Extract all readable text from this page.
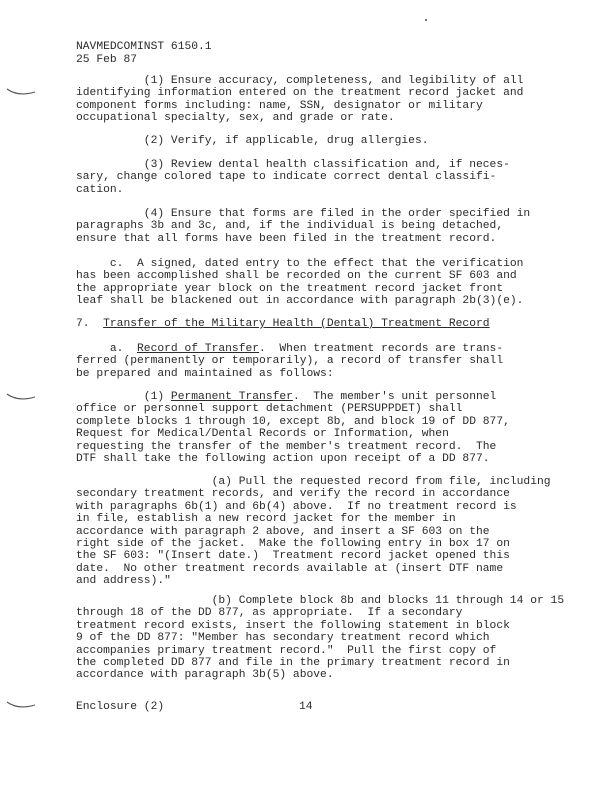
NAVMEDCOMINST 6150.1
25 Feb 87
(1) Ensure accuracy, completeness, and legibility of all
identifying information entered on the treatment record jacket and
component forms including: name, SSN, designator or military
occupational specialty, sex, and grade or rate.
(2) Verify, if applicable, drug allergies.
(3) Review dental health classification and, if neces-
sary, change colored tape to indicate correct dental classifi-
cation.
(4) Ensure that forms are filed in the order specified in
paragraphs 3b and 3c, and, if the individual is being detached,
ensure that all forms have been filed in the treatment record.
c.  A signed, dated entry to the effect that the verification
has been accomplished shall be recorded on the current SF 603 and
the appropriate year block on the treatment record jacket front
leaf shall be blackened out in accordance with paragraph 2b(3)(e).
7. Transfer of the Military Health (Dental) Treatment Record
a.  Record of Transfer.  When treatment records are trans-
ferred (permanently or temporarily), a record of transfer shall
be prepared and maintained as follows:
(1) Permanent Transfer.  The member's unit personnel
office or personnel support detachment (PERSUPPDET) shall
complete blocks 1 through 10, except 8b, and block 19 of DD 877,
Request for Medical/Dental Records or Information, when
requesting the transfer of the member's treatment record.  The
DTF shall take the following action upon receipt of a DD 877.
(a) Pull the requested record from file, including
secondary treatment records, and verify the record in accordance
with paragraphs 6b(1) and 6b(4) above.  If no treatment record is
in file, establish a new record jacket for the member in
accordance with paragraph 2 above, and insert a SF 603 on the
right side of the jacket.  Make the following entry in box 17 on
the SF 603: "(Insert date.)  Treatment record jacket opened this
date.  No other treatment records available at (insert DTF name
and address)."
(b) Complete block 8b and blocks 11 through 14 or 15
through 18 of the DD 877, as appropriate.  If a secondary
treatment record exists, insert the following statement in block
9 of the DD 877: "Member has secondary treatment record which
accompanies primary treatment record."  Pull the first copy of
the completed DD 877 and file in the primary treatment record in
accordance with paragraph 3b(5) above.
Enclosure (2)	14
